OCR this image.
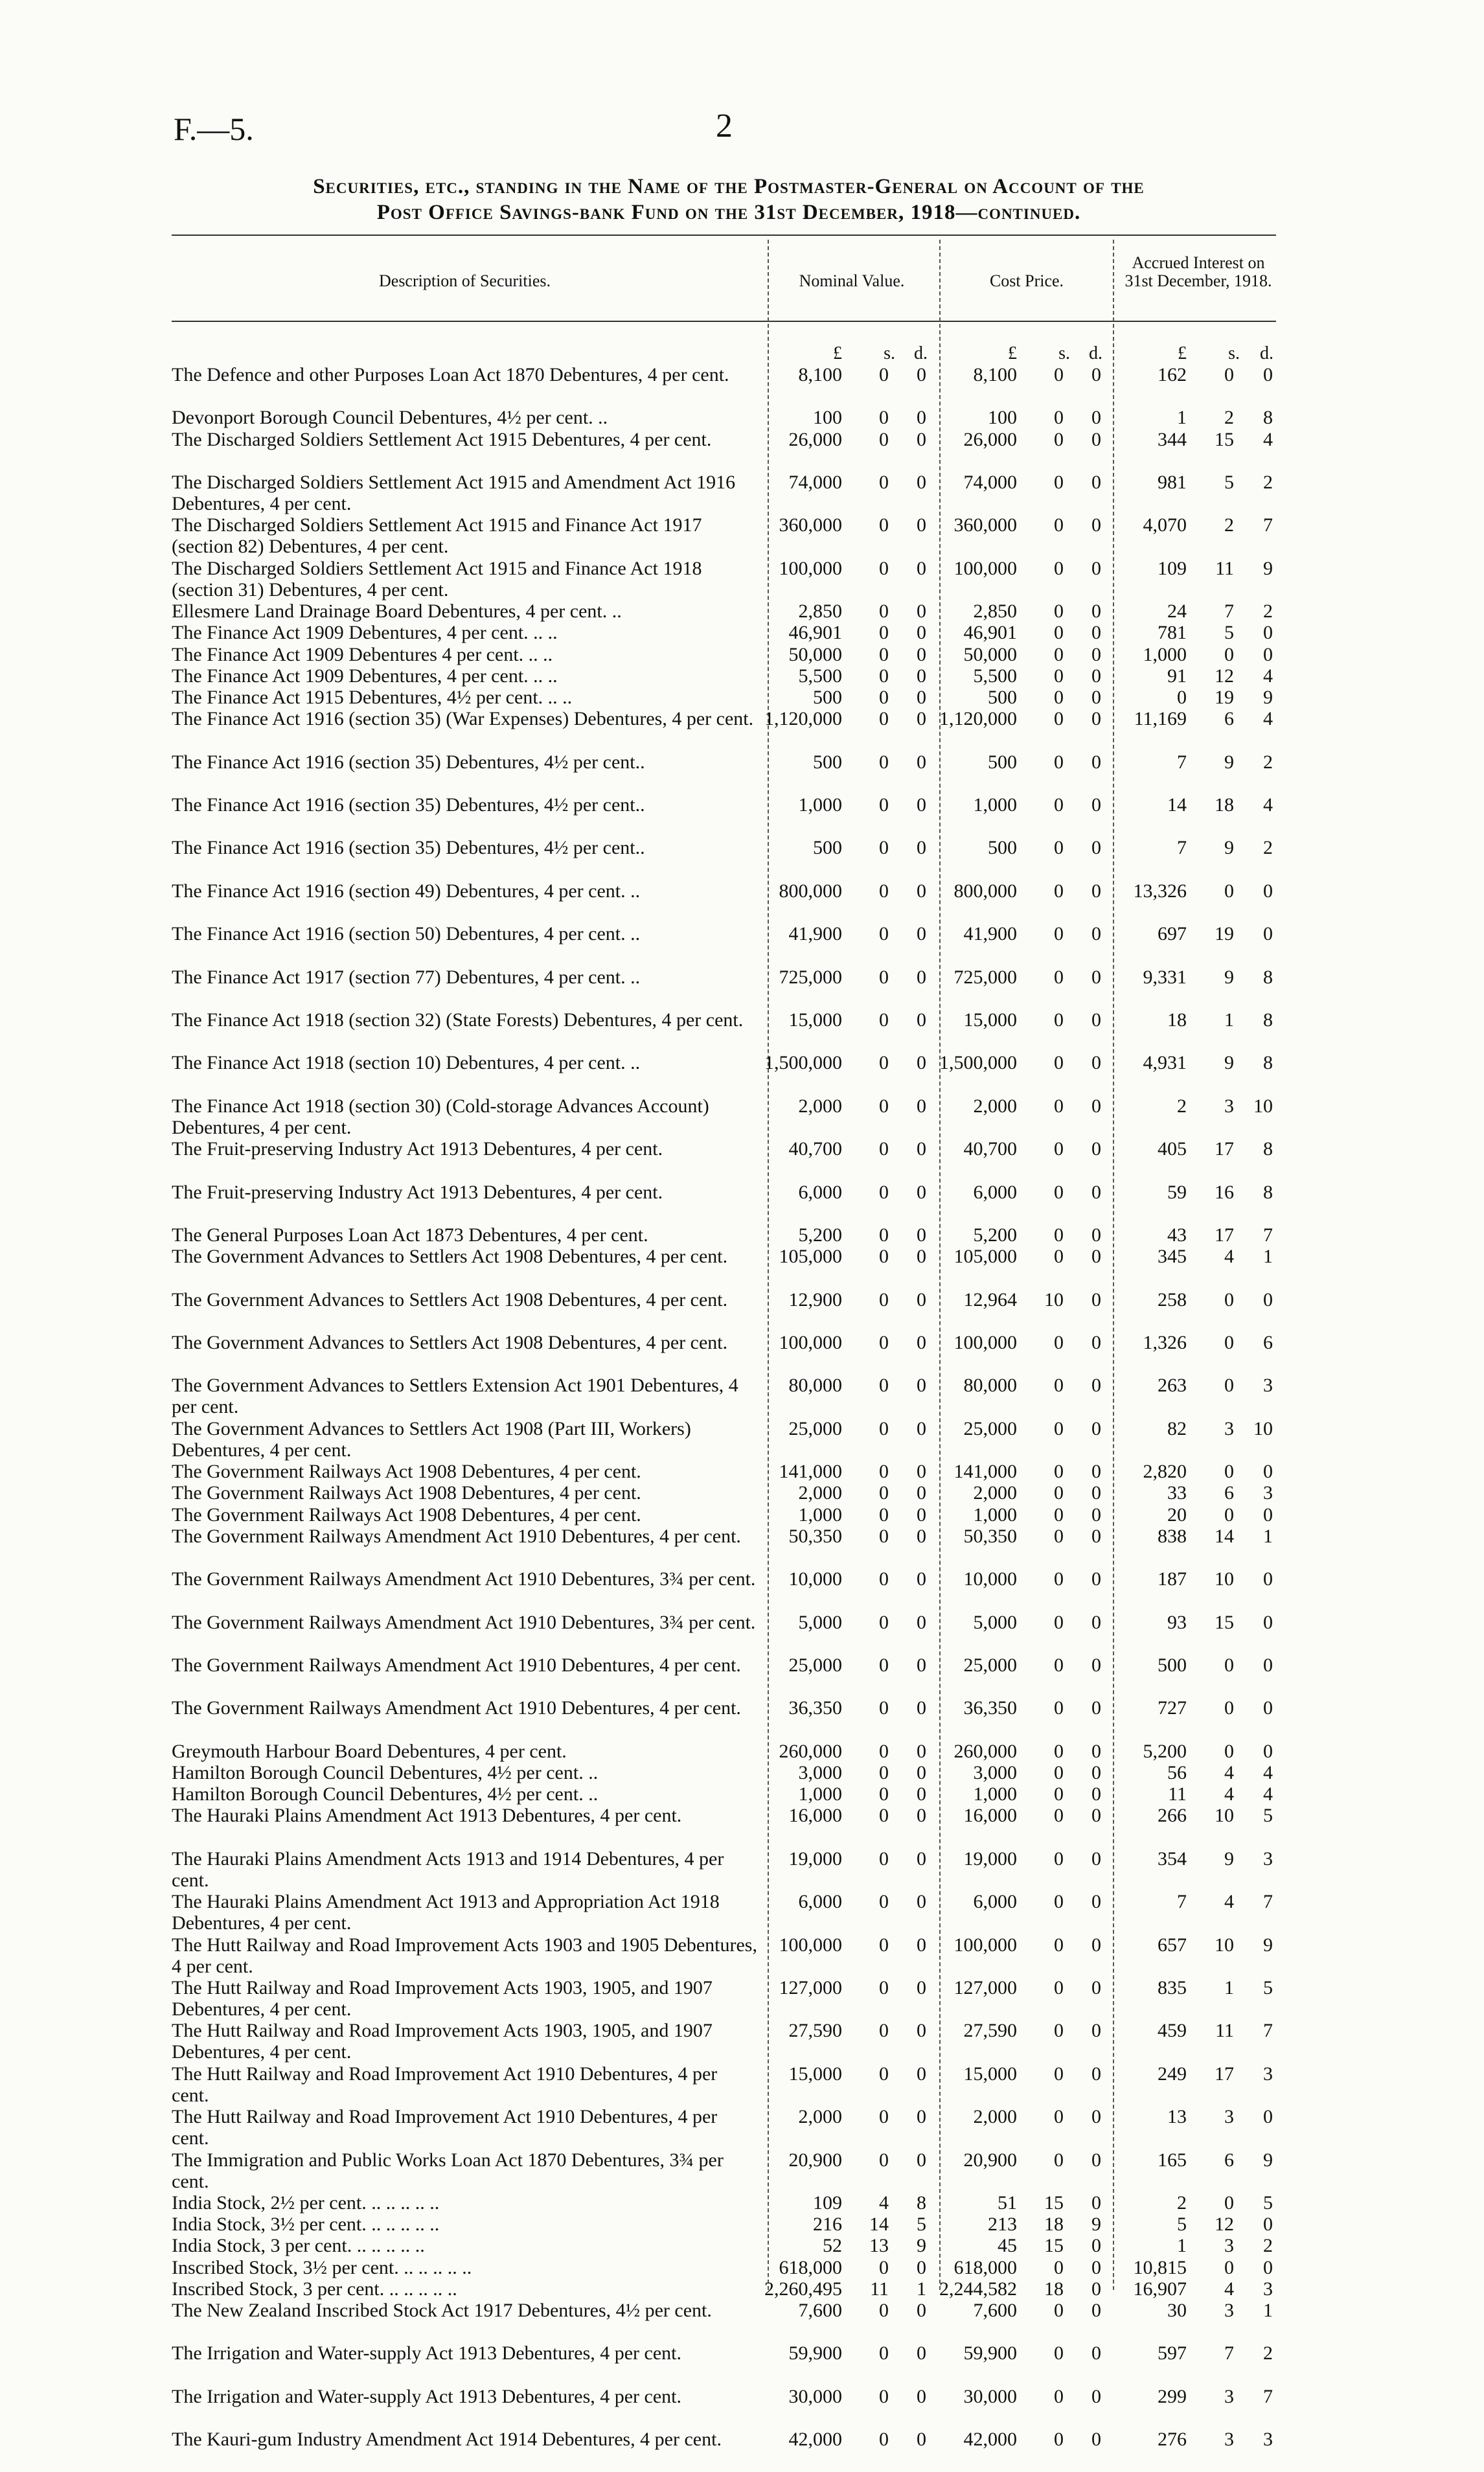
F.—5.	2
Securities, etc., standing in the Name of the Postmaster-General on Account of the
Post Office Savings-bank Fund on the 31st December, 1918—continued.
Description of Securities.	Nominal Value.	Cost Price.
Accrued Interest on 31st December, 1918.
£	s.	d.	£	s.	d.	£	s.	d.
The Defence and other Purposes Loan Act 1870 Debentures, 4 per cent.	8,100	0	0	8,100	0	0	162	0	0
Devonport Borough Council Debentures, 4½ per cent. ..	100	0	0	100	0	0	1	2	8
The Discharged Soldiers Settlement Act 1915 Debentures, 4 per cent.	26,000	0	0	26,000	0	0	344	15	4
The Discharged Soldiers Settlement Act 1915 and Amendment Act 1916 Debentures, 4 per cent.
74,000	0	0	74,000	0	0	981	5	2
The Discharged Soldiers Settlement Act 1915 and Finance Act 1917 (section 82) Debentures, 4 per cent.
360,000	0	0	360,000	0	0	4,070	2	7
The Discharged Soldiers Settlement Act 1915 and Finance Act 1918 (section 31) Debentures, 4 per cent.
100,000	0	0	100,000	0	0	109	11	9
Ellesmere Land Drainage Board Debentures, 4 per cent. ..	2,850	0	0	2,850	0	0	24	7	2
The Finance Act 1909 Debentures, 4 per cent. .. ..	46,901	0	0	46,901	0	0	781	5	0
The Finance Act 1909 Debentures 4 per cent. .. ..	50,000	0	0	50,000	0	0	1,000	0	0
The Finance Act 1909 Debentures, 4 per cent. .. ..	5,500	0	0	5,500	0	0	91	12	4
The Finance Act 1915 Debentures, 4½ per cent. .. ..	500	0	0	500	0	0	0	19	9
The Finance Act 1916 (section 35) (War Expenses) Debentures, 4 per cent. 1,120,000	0	0 1,120,000	0	0	11,169	6	4
The Finance Act 1916 (section 35) Debentures, 4½ per cent..	500	0	0	500	0	0	7	9	2
The Finance Act 1916 (section 35) Debentures, 4½ per cent..	1,000	0	0	1,000	0	0	14	18	4
The Finance Act 1916 (section 35) Debentures, 4½ per cent..	500	0	0	500	0	0	7	9	2
The Finance Act 1916 (section 49) Debentures, 4 per cent. ..	800,000	0	0	800,000	0	0	13,326	0	0
The Finance Act 1916 (section 50) Debentures, 4 per cent. ..	41,900	0	0	41,900	0	0	697	19	0
The Finance Act 1917 (section 77) Debentures, 4 per cent. ..	725,000	0	0	725,000	0	0	9,331	9	8
The Finance Act 1918 (section 32) (State Forests) Debentures, 4 per cent.	15,000	0	0	15,000	0	0	18	1	8
The Finance Act 1918 (section 10) Debentures, 4 per cent. ..	1,500,000	0	0 1,500,000	0	0	4,931	9	8
The Finance Act 1918 (section 30) (Cold-storage Advances Account) Debentures, 4 per cent.
2,000	0	0	2,000	0	0	2	3	10
The Fruit-preserving Industry Act 1913 Debentures, 4 per cent.	40,700	0	0	40,700	0	0	405	17	8
The Fruit-preserving Industry Act 1913 Debentures, 4 per cent.	6,000	0	0	6,000	0	0	59	16	8
The General Purposes Loan Act 1873 Debentures, 4 per cent.	5,200	0	0	5,200	0	0	43	17	7
The Government Advances to Settlers Act 1908 Debentures, 4 per cent.	105,000	0	0	105,000	0	0	345	4	1
The Government Advances to Settlers Act 1908 Debentures, 4 per cent.	12,900	0	0	12,964	10	0	258	0	0
The Government Advances to Settlers Act 1908 Debentures, 4 per cent.	100,000	0	0	100,000	0	0	1,326	0	6
The Government Advances to Settlers Extension Act 1901 Debentures, 4 per cent.
80,000	0	0	80,000	0	0	263	0	3
The Government Advances to Settlers Act 1908 (Part III, Workers) Debentures, 4 per cent.
25,000	0	0	25,000	0	0	82	3	10
The Government Railways Act 1908 Debentures, 4 per cent.	141,000	0	0	141,000	0	0	2,820	0	0
The Government Railways Act 1908 Debentures, 4 per cent.	2,000	0	0	2,000	0	0	33	6	3
The Government Railways Act 1908 Debentures, 4 per cent.	1,000	0	0	1,000	0	0	20	0	0
The Government Railways Amendment Act 1910 Debentures, 4 per cent.	50,350	0	0	50,350	0	0	838	14	1
The Government Railways Amendment Act 1910 Debentures, 3¾ per cent.	10,000	0	0	10,000	0	0	187	10	0
The Government Railways Amendment Act 1910 Debentures, 3¾ per cent.	5,000	0	0	5,000	0	0	93	15	0
The Government Railways Amendment Act 1910 Debentures, 4 per cent.	25,000	0	0	25,000	0	0	500	0	0
The Government Railways Amendment Act 1910 Debentures, 4 per cent.	36,350	0	0	36,350	0	0	727	0	0
Greymouth Harbour Board Debentures, 4 per cent.	260,000	0	0	260,000	0	0	5,200	0	0
Hamilton Borough Council Debentures, 4½ per cent. ..	3,000	0	0	3,000	0	0	56	4	4
Hamilton Borough Council Debentures, 4½ per cent. ..	1,000	0	0	1,000	0	0	11	4	4
The Hauraki Plains Amendment Act 1913 Debentures, 4 per cent.	16,000	0	0	16,000	0	0	266	10	5
The Hauraki Plains Amendment Acts 1913 and 1914 Debentures, 4 per cent.
19,000	0	0	19,000	0	0	354	9	3
The Hauraki Plains Amendment Act 1913 and Appropriation Act 1918 Debentures, 4 per cent.
6,000	0	0	6,000	0	0	7	4	7
The Hutt Railway and Road Improvement Acts 1903 and 1905 Debentures, 4 per cent.
100,000	0	0	100,000	0	0	657	10	9
The Hutt Railway and Road Improvement Acts 1903, 1905, and 1907 Debentures, 4 per cent.
127,000	0	0	127,000	0	0	835	1	5
The Hutt Railway and Road Improvement Acts 1903, 1905, and 1907 Debentures, 4 per cent.
27,590	0	0	27,590	0	0	459	11	7
The Hutt Railway and Road Improvement Act 1910 Debentures, 4 per cent.
15,000	0	0	15,000	0	0	249	17	3
The Hutt Railway and Road Improvement Act 1910 Debentures, 4 per cent.
2,000	0	0	2,000	0	0	13	3	0
The Immigration and Public Works Loan Act 1870 Debentures, 3¾ per cent.
20,900	0	0	20,900	0	0	165	6	9
India Stock, 2½ per cent. .. .. .. .. ..	109	4	8	51	15	0	2	0	5
India Stock, 3½ per cent. .. .. .. .. ..	216	14	5	213	18	9	5	12	0
India Stock, 3 per cent. .. .. .. .. ..	52	13	9	45	15	0	1	3	2
Inscribed Stock, 3½ per cent. .. .. .. .. ..	618,000	0	0	618,000	0	0	10,815	0	0
Inscribed Stock, 3 per cent. .. .. .. .. ..	2,260,495	11	1 2,244,582	18	0	16,907	4	3
The New Zealand Inscribed Stock Act 1917 Debentures, 4½ per cent.	7,600	0	0	7,600	0	0	30	3	1
The Irrigation and Water-supply Act 1913 Debentures, 4 per cent.	59,900	0	0	59,900	0	0	597	7	2
The Irrigation and Water-supply Act 1913 Debentures, 4 per cent.	30,000	0	0	30,000	0	0	299	3	7
The Kauri-gum Industry Amendment Act 1914 Debentures, 4 per cent.	42,000	0	0	42,000	0	0	276	3	3
